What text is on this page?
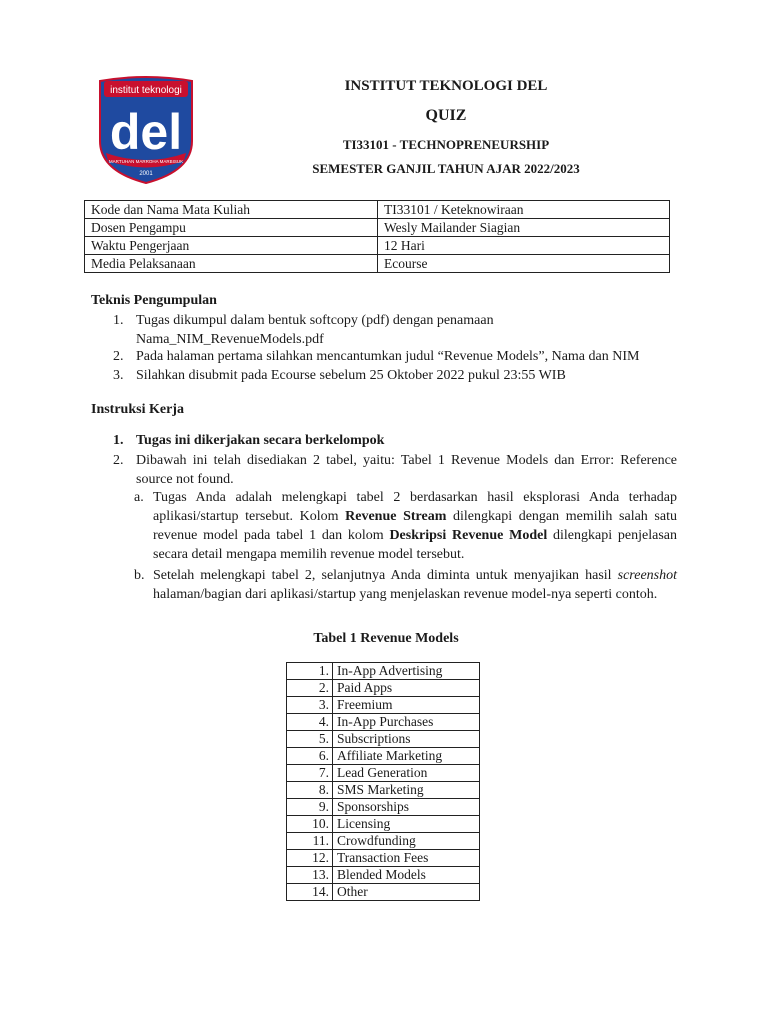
institut teknologi
del
MARTUHAN MARROHA MARBISUK
2001
INSTITUT TEKNOLOGI DEL
QUIZ
TI33101 - TECHNOPRENEURSHIP
SEMESTER GANJIL TAHUN AJAR 2022/2023
Kode dan Nama Mata Kuliah	TI33101 / Keteknowiraan
Dosen Pengampu	Wesly Mailander Siagian
Waktu Pengerjaan	12 Hari
Media Pelaksanaan	Ecourse
Teknis Pengumpulan
1. Tugas dikumpul dalam bentuk softcopy (pdf) dengan penamaan
Nama_NIM_RevenueModels.pdf
2. Pada halaman pertama silahkan mencantumkan judul “Revenue Models”, Nama dan NIM
3. Silahkan disubmit pada Ecourse sebelum 25 Oktober 2022 pukul 23:55 WIB
Instruksi Kerja
1. Tugas ini dikerjakan secara berkelompok
2. Dibawah ini telah disediakan 2 tabel, yaitu: Tabel 1 Revenue Models dan Error: Reference source not found.
a. Tugas Anda adalah melengkapi tabel 2 berdasarkan hasil eksplorasi Anda terhadap aplikasi/startup tersebut. Kolom Revenue Stream dilengkapi dengan memilih salah satu revenue model pada tabel 1 dan kolom Deskripsi Revenue Model dilengkapi penjelasan secara detail mengapa memilih revenue model tersebut.
b. Setelah melengkapi tabel 2, selanjutnya Anda diminta untuk menyajikan hasil screenshot halaman/bagian dari aplikasi/startup yang menjelaskan revenue model-nya seperti contoh.
Tabel 1 Revenue Models
1.	In-App Advertising
2.	Paid Apps
3.	Freemium
4.	In-App Purchases
5.	Subscriptions
6.	Affiliate Marketing
7.	Lead Generation
8.	SMS Marketing
9.	Sponsorships
10.	Licensing
11.	Crowdfunding
12.	Transaction Fees
13.	Blended Models
14.	Other
